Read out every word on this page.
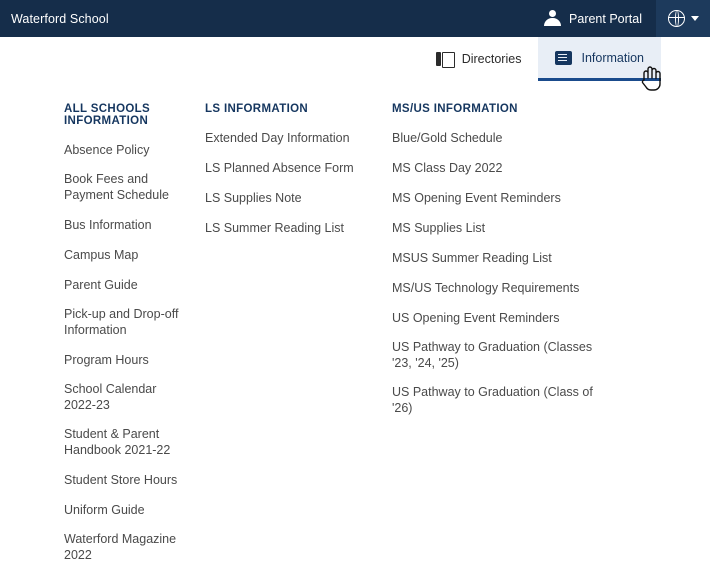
Waterford School	Parent Portal
Directories	Information
ALL SCHOOLS INFORMATION
Absence Policy
Book Fees and Payment Schedule
Bus Information
Campus Map
Parent Guide
Pick-up and Drop-off Information
Program Hours
School Calendar 2022-23
Student & Parent Handbook 2021-22
Student Store Hours
Uniform Guide
Waterford Magazine 2022
LS INFORMATION
Extended Day Information
LS Planned Absence Form
LS Supplies Note
LS Summer Reading List
MS/US INFORMATION
Blue/Gold Schedule
MS Class Day 2022
MS Opening Event Reminders
MS Supplies List
MSUS Summer Reading List
MS/US Technology Requirements
US Opening Event Reminders
US Pathway to Graduation (Classes '23, '24, '25)
US Pathway to Graduation (Class of '26)
